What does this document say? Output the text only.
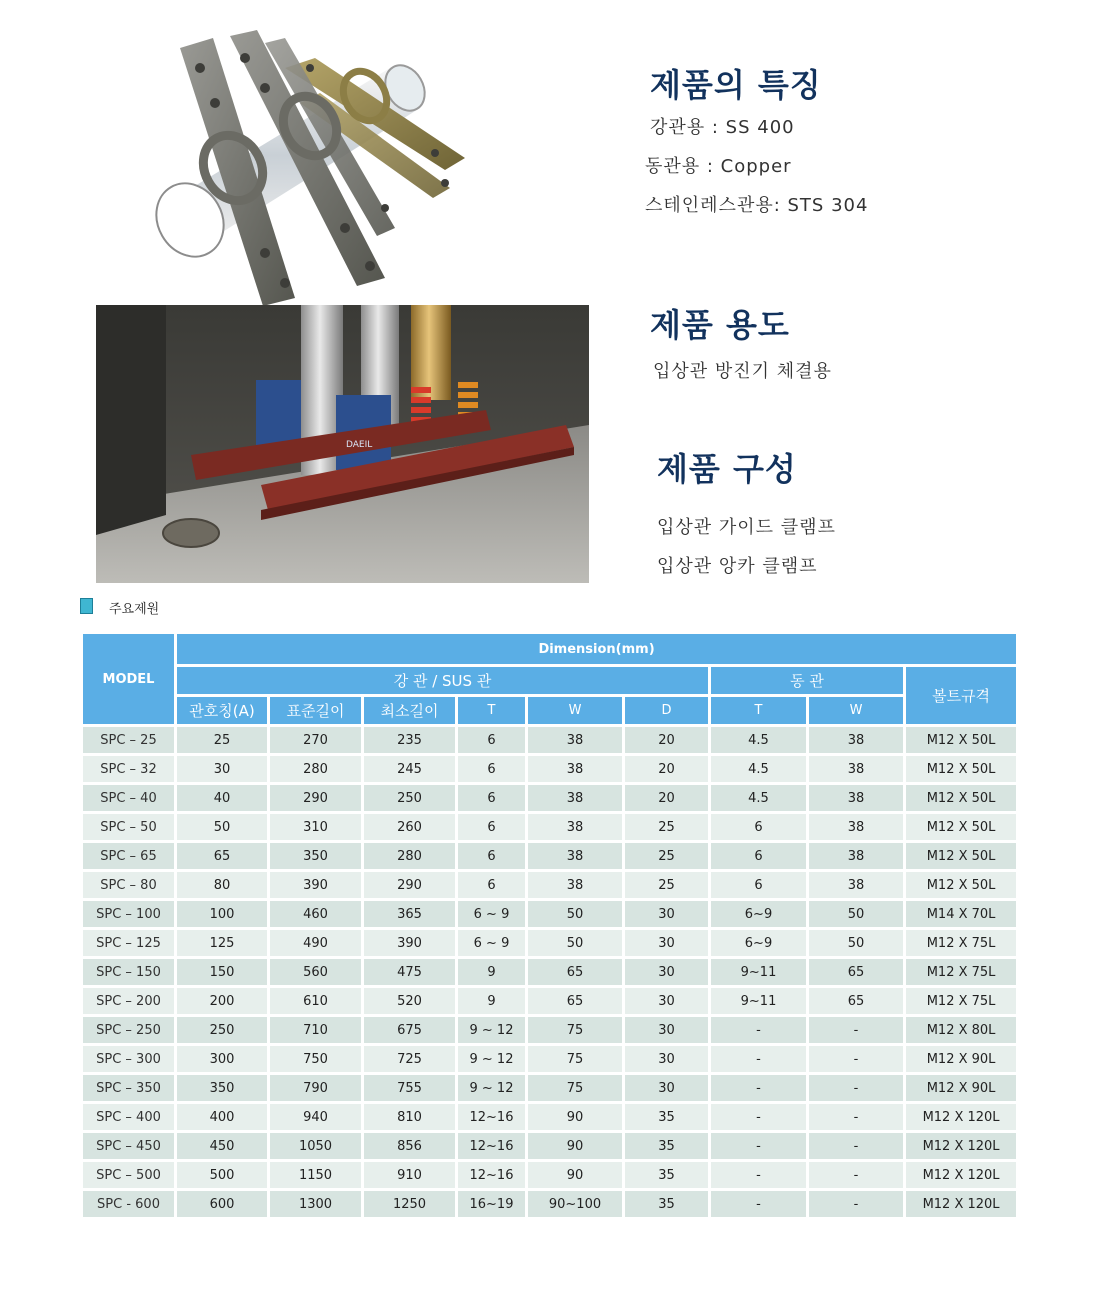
DAEIL
제품의 특징
강관용 : SS 400
동관용 : Copper
스테인레스관용: STS 304
제품 용도
입상관 방진기 체결용
제품 구성
입상관 가이드 클램프
입상관 앙카 클램프
주요제원
MODEL	Dimension(mm)								
	강 관 / SUS 관						동 관		볼트규격
	관호칭(A)	표준길이	최소길이	T	W	D	T	W	
SPC – 25	25	270	235	6	38	20	4.5	38	M12 X 50L
SPC – 32	30	280	245	6	38	20	4.5	38	M12 X 50L
SPC – 40	40	290	250	6	38	20	4.5	38	M12 X 50L
SPC – 50	50	310	260	6	38	25	6	38	M12 X 50L
SPC – 65	65	350	280	6	38	25	6	38	M12 X 50L
SPC – 80	80	390	290	6	38	25	6	38	M12 X 50L
SPC – 100	100	460	365	6 ~ 9	50	30	6~9	50	M14 X 70L
SPC – 125	125	490	390	6 ~ 9	50	30	6~9	50	M12 X 75L
SPC – 150	150	560	475	9	65	30	9~11	65	M12 X 75L
SPC – 200	200	610	520	9	65	30	9~11	65	M12 X 75L
SPC – 250	250	710	675	9 ~ 12	75	30	-	-	M12 X 80L
SPC – 300	300	750	725	9 ~ 12	75	30	-	-	M12 X 90L
SPC – 350	350	790	755	9 ~ 12	75	30	-	-	M12 X 90L
SPC – 400	400	940	810	12~16	90	35	-	-	M12 X 120L
SPC – 450	450	1050	856	12~16	90	35	-	-	M12 X 120L
SPC – 500	500	1150	910	12~16	90	35	-	-	M12 X 120L
SPC - 600	600	1300	1250	16~19	90~100	35	-	-	M12 X 120L
